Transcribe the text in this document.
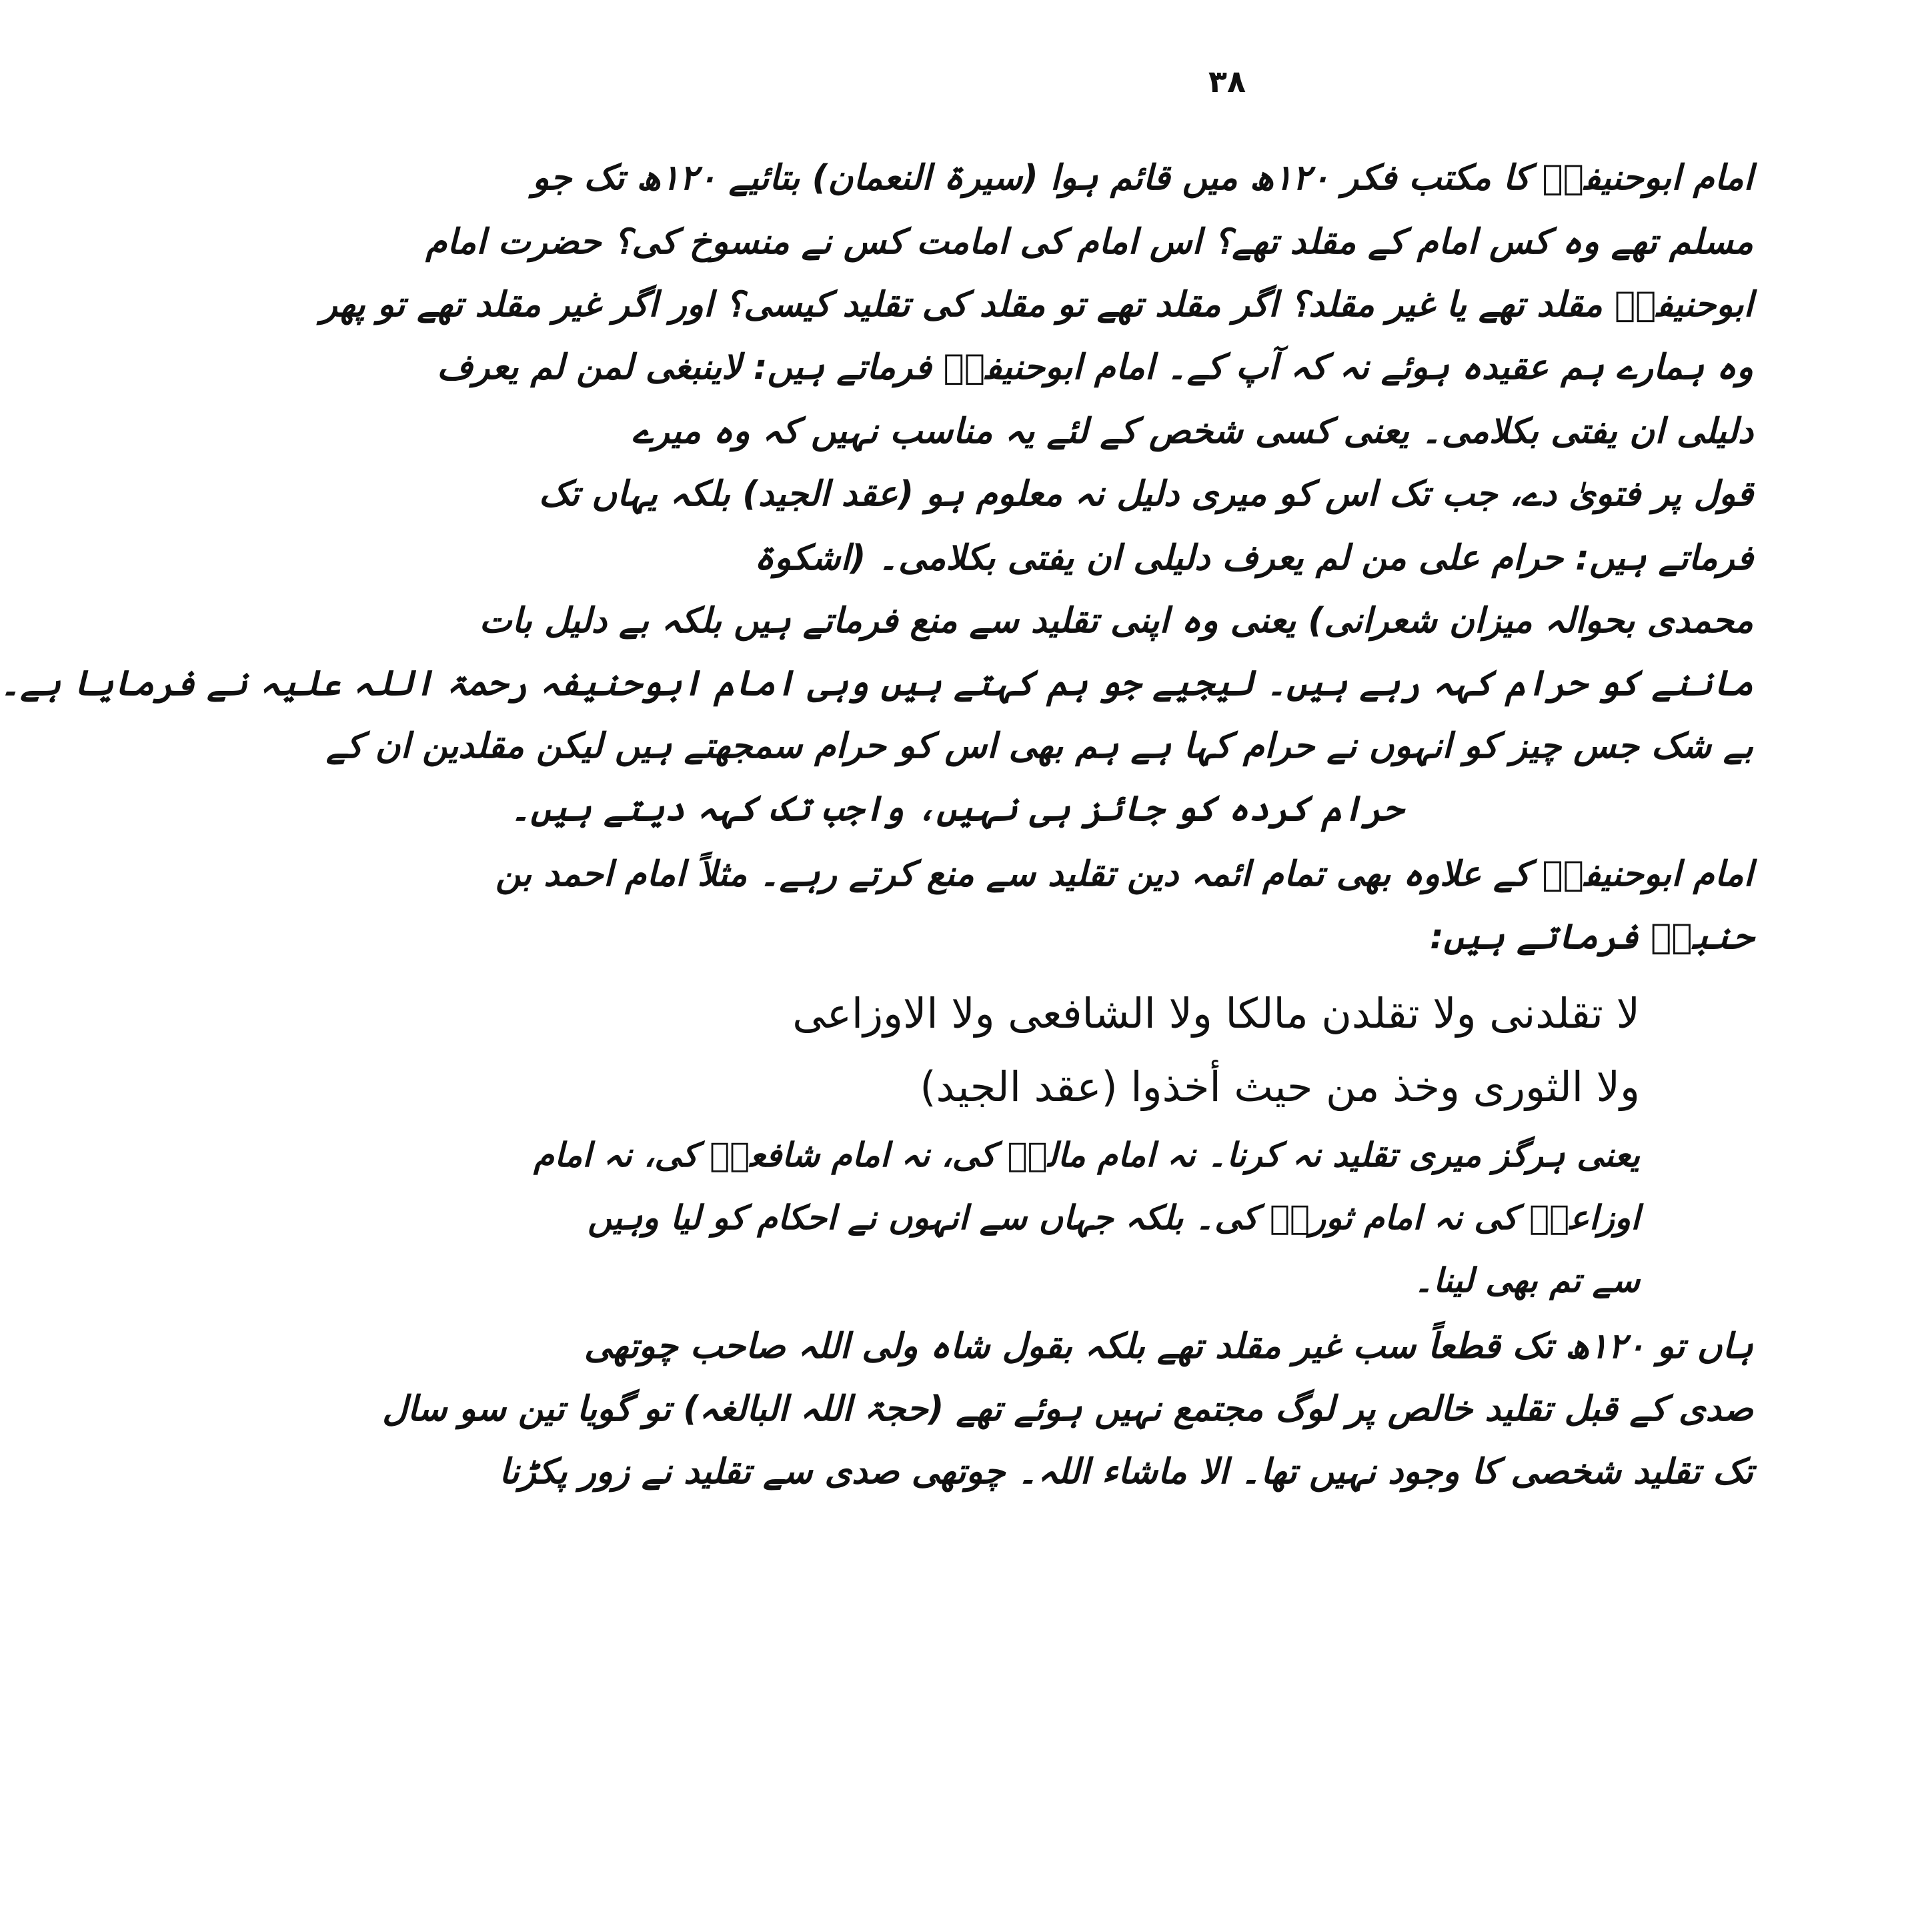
۳۸
امام ابوحنیفہؒ کا مکتب فکر ۱۲۰ھ میں قائم ہوا (سیرۃ النعمان) بتائیے ۱۲۰ھ تک جو
مسلم تھے وہ کس امام کے مقلد تھے؟ اس امام کی امامت کس نے منسوخ کی؟ حضرت امام
ابوحنیفہؒ مقلد تھے یا غیر مقلد؟ اگر مقلد تھے تو مقلد کی تقلید کیسی؟ اور اگر غیر مقلد تھے تو پھر
وہ ہمارے ہم عقیدہ ہوئے نہ کہ آپ کے۔ امام ابوحنیفہؒ فرماتے ہیں: لاینبغی لمن لم یعرف
دلیلی ان یفتی بکلامی۔ یعنی کسی شخص کے لئے یہ مناسب نہیں کہ وہ میرے
قول پر فتویٰ دے، جب تک اس کو میری دلیل نہ معلوم ہو (عقد الجید) بلکہ یہاں تک
فرماتے ہیں: حرام علی من لم یعرف دلیلی ان یفتی بکلامی۔ (اشکوۃ
محمدی بحوالہ میزان شعرانی) یعنی وہ اپنی تقلید سے منع فرماتے ہیں بلکہ بے دلیل بات
ماننے کو حرام کہہ رہے ہیں۔ لیجیے جو ہم کہتے ہیں وہی امام ابوحنیفہ رحمۃ اللہ علیہ نے فرمایا ہے۔
بے شک جس چیز کو انہوں نے حرام کہا ہے ہم بھی اس کو حرام سمجھتے ہیں لیکن مقلدین ان کے
حرام کردہ کو جائز ہی نہیں، واجب تک کہہ دیتے ہیں۔
امام ابوحنیفہؒ کے علاوہ بھی تمام ائمہ دین تقلید سے منع کرتے رہے۔ مثلاً امام احمد بن
حنبلؒ فرماتے ہیں:
لا تقلدنی ولا تقلدن مالکا ولا الشافعی ولا الاوزاعی
ولا الثوری وخذ من حیث أخذوا (عقد الجید)
یعنی ہرگز میری تقلید نہ کرنا۔ نہ امام مالکؒ کی، نہ امام شافعیؒ کی، نہ امام
اوزاعیؒ کی نہ امام ثوریؒ کی۔ بلکہ جہاں سے انہوں نے احکام کو لیا وہیں
سے تم بھی لینا۔
ہاں تو ۱۲۰ھ تک قطعاً سب غیر مقلد تھے بلکہ بقول شاہ ولی اللہ صاحب چوتھی
صدی کے قبل تقلید خالص پر لوگ مجتمع نہیں ہوئے تھے (حجۃ اللہ البالغہ) تو گویا تین سو سال
تک تقلید شخصی کا وجود نہیں تھا۔ الا ماشاء اللہ۔ چوتھی صدی سے تقلید نے زور پکڑنا
